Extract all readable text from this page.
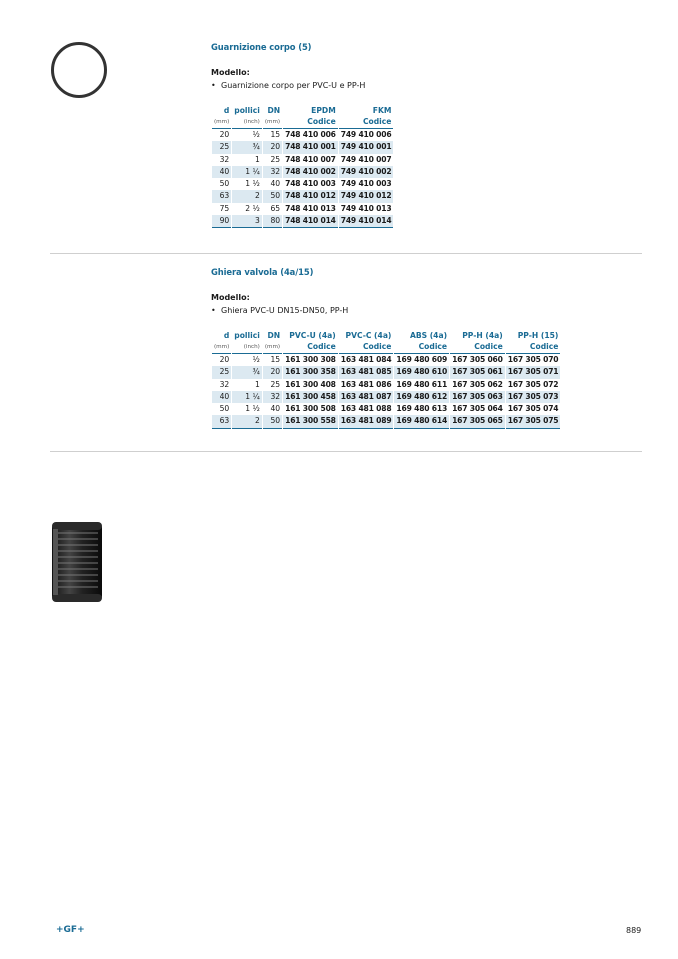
Guarnizione corpo (5)
Modello:
• Guarnizione corpo per PVC-U e PP-H
d	pollici	DN	EPDM	FKM
(mm)	(inch)	(mm)	Codice	Codice
20	½	15	748 410 006	749 410 006
25	¾	20	748 410 001	749 410 001
32	1	25	748 410 007	749 410 007
40	1 ¼	32	748 410 002	749 410 002
50	1 ½	40	748 410 003	749 410 003
63	2	50	748 410 012	749 410 012
75	2 ½	65	748 410 013	749 410 013
90	3	80	748 410 014	749 410 014
Ghiera valvola (4a/15)
Modello:
• Ghiera PVC-U DN15-DN50, PP-H
d	pollici	DN	PVC-U (4a)	PVC-C (4a)	ABS (4a)	PP-H (4a)	PP-H (15)
(mm)	(inch)	(mm)	Codice	Codice	Codice	Codice	Codice
20	½	15	161 300 308	163 481 084	169 480 609	167 305 060	167 305 070
25	¾	20	161 300 358	163 481 085	169 480 610	167 305 061	167 305 071
32	1	25	161 300 408	163 481 086	169 480 611	167 305 062	167 305 072
40	1 ¼	32	161 300 458	163 481 087	169 480 612	167 305 063	167 305 073
50	1 ½	40	161 300 508	163 481 088	169 480 613	167 305 064	167 305 074
63	2	50	161 300 558	163 481 089	169 480 614	167 305 065	167 305 075
+GF+	889
